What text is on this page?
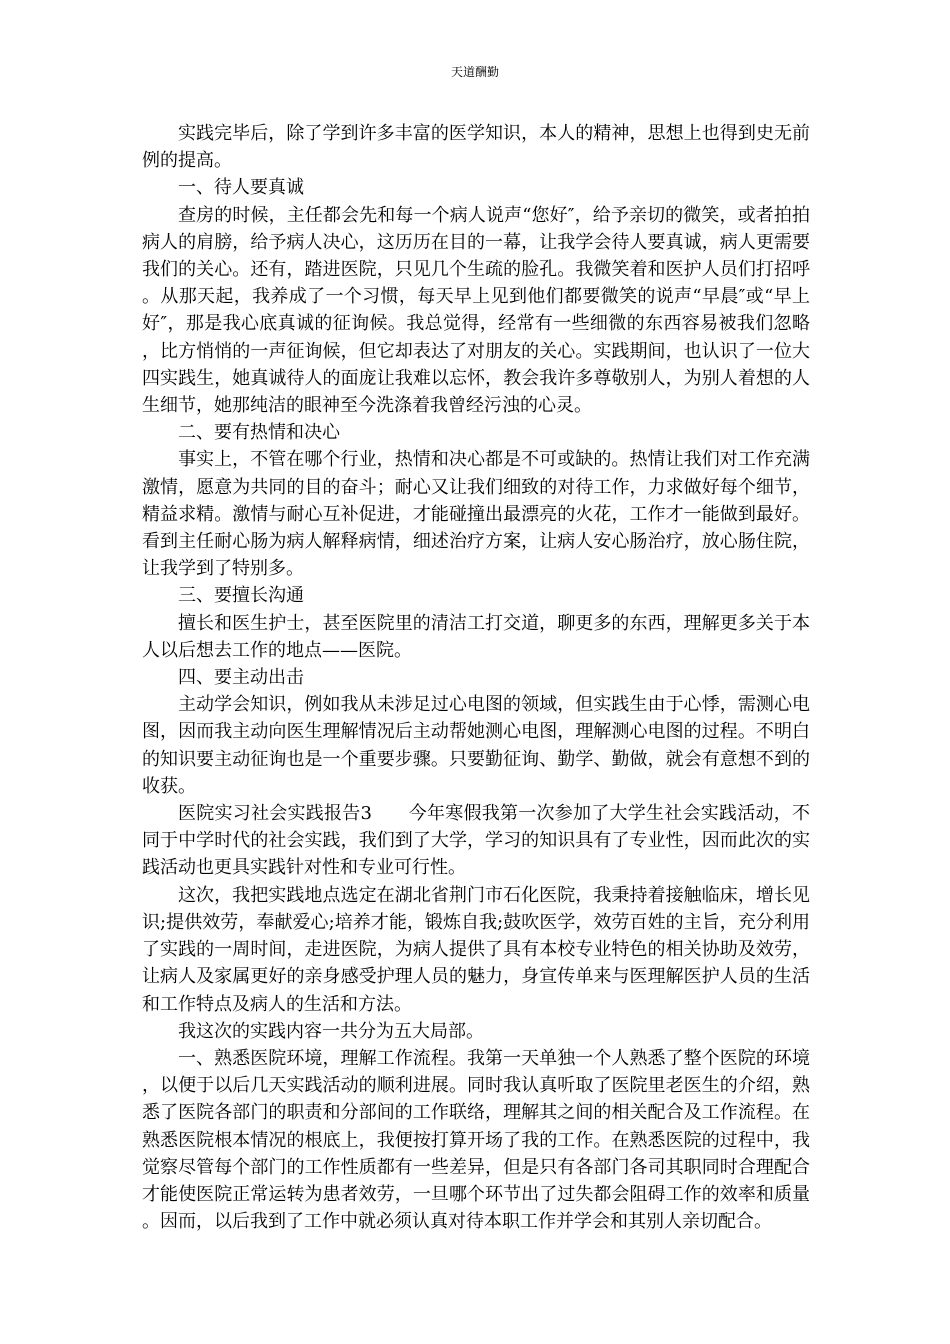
天道酬勤

实践完毕后，除了学到许多丰富的医学知识，本人的精神，思想上也得到史无前例的提高。

一、待人要真诚

查房的时候，主任都会先和每一个病人说声“您好″，给予亲切的微笑，或者拍拍病人的肩膀，给予病人决心，这历历在目的一幕，让我学会待人要真诚，病人更需要我们的关心。还有，踏进医院，只见几个生疏的脸孔。我微笑着和医护人员们打招呼。从那天起，我养成了一个习惯，每天早上见到他们都要微笑的说声“早晨″或“早上好″，那是我心底真诚的征询候。我总觉得，经常有一些细微的东西容易被我们忽略，比方悄悄的一声征询候，但它却表达了对朋友的关心。实践期间，也认识了一位大四实践生，她真诚待人的面庞让我难以忘怀，教会我许多尊敬别人，为别人着想的人生细节，她那纯洁的眼神至今洗涤着我曾经污浊的心灵。

二、要有热情和决心

事实上，不管在哪个行业，热情和决心都是不可或缺的。热情让我们对工作充满激情，愿意为共同的目的奋斗；耐心又让我们细致的对待工作，力求做好每个细节，精益求精。激情与耐心互补促进，才能碰撞出最漂亮的火花，工作才一能做到最好。看到主任耐心肠为病人解释病情，细述治疗方案，让病人安心肠治疗，放心肠住院，让我学到了特别多。

三、要擅长沟通

擅长和医生护士，甚至医院里的清洁工打交道，聊更多的东西，理解更多关于本人以后想去工作的地点——医院。

四、要主动出击

主动学会知识，例如我从未涉足过心电图的领域，但实践生由于心悸，需测心电图，因而我主动向医生理解情况后主动帮她测心电图，理解测心电图的过程。不明白的知识要主动征询也是一个重要步骤。只要勤征询、勤学、勤做，就会有意想不到的收获。

医院实习社会实践报告3　　今年寒假我第一次参加了大学生社会实践活动，不同于中学时代的社会实践，我们到了大学，学习的知识具有了专业性，因而此次的实践活动也更具实践针对性和专业可行性。

这次，我把实践地点选定在湖北省荆门市石化医院，我秉持着接触临床，增长见识;提供效劳，奉献爱心;培养才能，锻炼自我;鼓吹医学，效劳百姓的主旨，充分利用了实践的一周时间，走进医院，为病人提供了具有本校专业特色的相关协助及效劳，让病人及家属更好的亲身感受护理人员的魅力，身宣传单来与医理解医护人员的生活和工作特点及病人的生活和方法。

我这次的实践内容一共分为五大局部。

一、熟悉医院环境，理解工作流程。我第一天单独一个人熟悉了整个医院的环境，以便于以后几天实践活动的顺利进展。同时我认真听取了医院里老医生的介绍，熟悉了医院各部门的职责和分部间的工作联络，理解其之间的相关配合及工作流程。在熟悉医院根本情况的根底上，我便按打算开场了我的工作。在熟悉医院的过程中，我觉察尽管每个部门的工作性质都有一些差异，但是只有各部门各司其职同时合理配合才能使医院正常运转为患者效劳，一旦哪个环节出了过失都会阻碍工作的效率和质量。因而，以后我到了工作中就必须认真对待本职工作并学会和其别人亲切配合。
